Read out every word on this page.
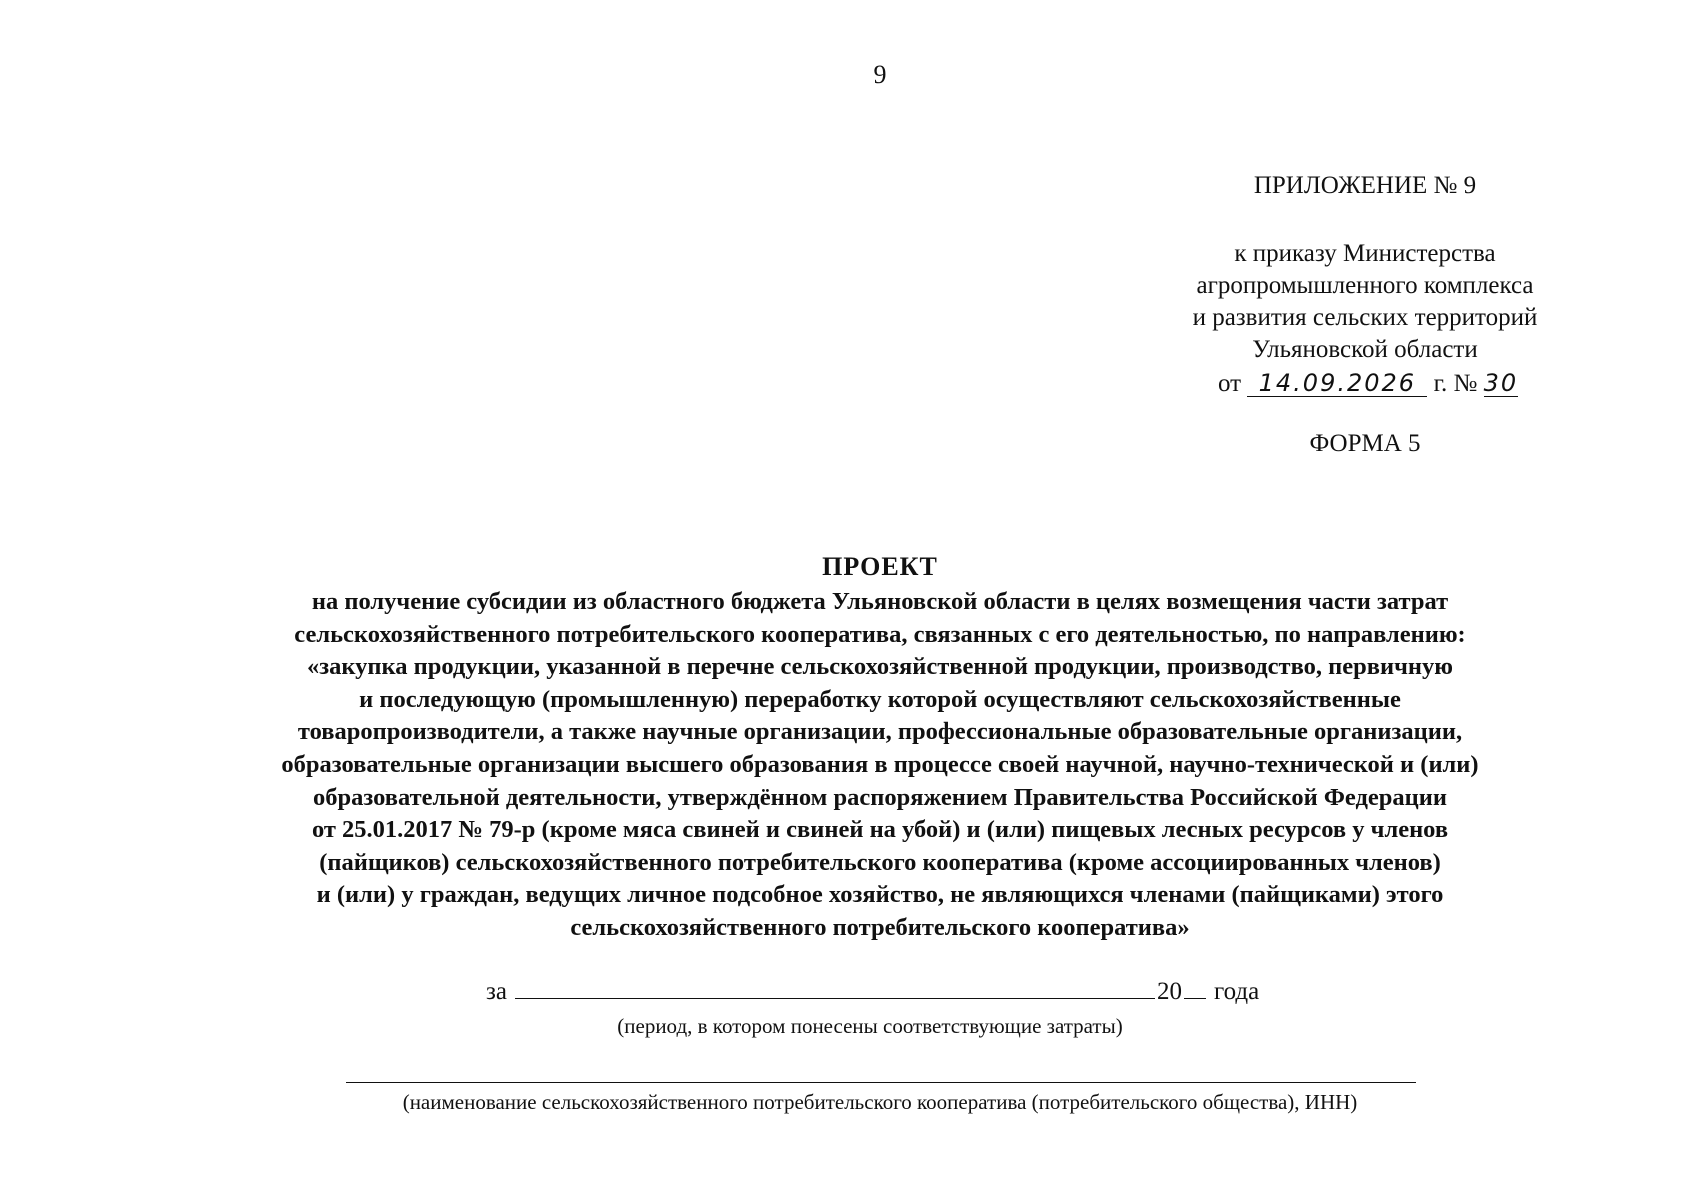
9
ПРИЛОЖЕНИЕ № 9
к приказу Министерства
агропромышленного комплекса
и развития сельских территорий
Ульяновской области
от 14.09.2026 г. № 30
ФОРМА 5
ПРОЕКТ
на получение субсидии из областного бюджета Ульяновской области в целях возмещения части затрат
сельскохозяйственного потребительского кооператива, связанных с его деятельностью, по направлению:
«закупка продукции, указанной в перечне сельскохозяйственной продукции, производство, первичную
и последующую (промышленную) переработку которой осуществляют сельскохозяйственные
товаропроизводители, а также научные организации, профессиональные образовательные организации,
образовательные организации высшего образования в процессе своей научной, научно-технической и (или)
образовательной деятельности, утверждённом распоряжением Правительства Российской Федерации
от 25.01.2017 № 79-р (кроме мяса свиней и свиней на убой) и (или) пищевых лесных ресурсов у членов
(пайщиков) сельскохозяйственного потребительского кооператива (кроме ассоциированных членов)
и (или) у граждан, ведущих личное подсобное хозяйство, не являющихся членами (пайщиками) этого
сельскохозяйственного потребительского кооператива»
за	20 года
(период, в котором понесены соответствующие затраты)
(наименование сельскохозяйственного потребительского кооператива (потребительского общества), ИНН)
